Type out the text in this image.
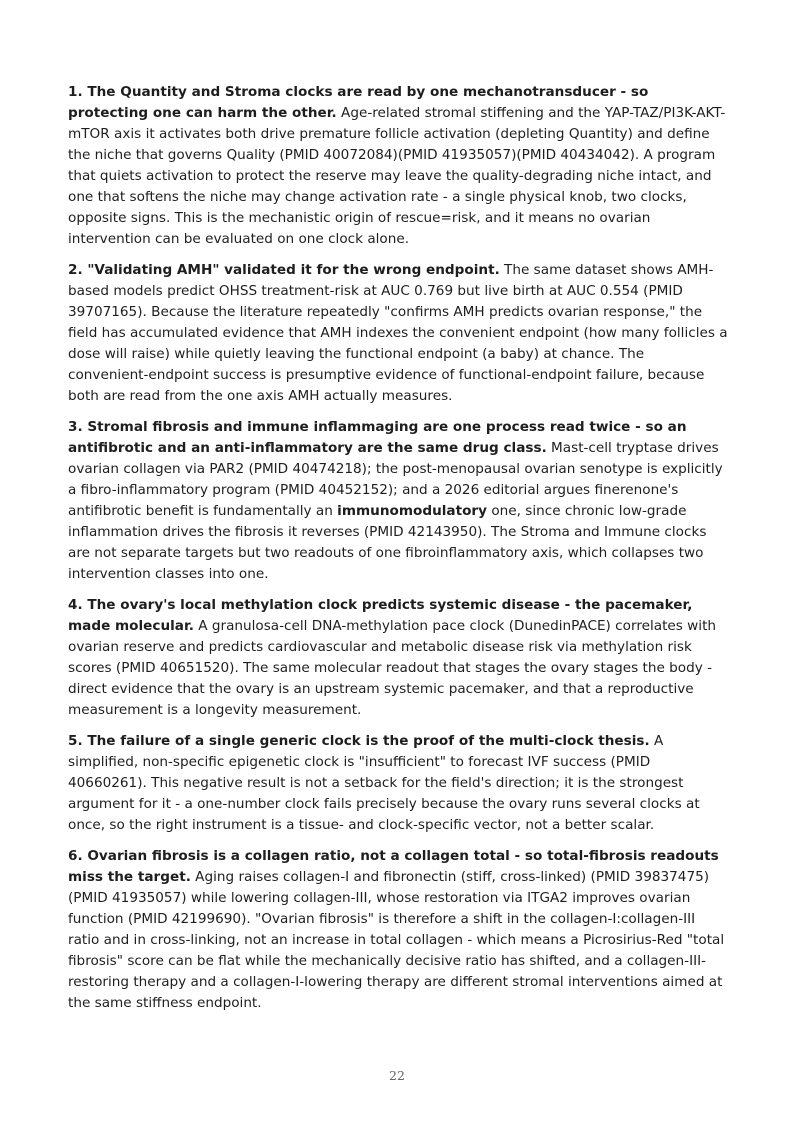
1. The Quantity and Stroma clocks are read by one mechanotransducer - so protecting one can harm the other. Age-related stromal stiffening and the YAP-TAZ/PI3K-AKT-mTOR axis it activates both drive premature follicle activation (depleting Quantity) and define the niche that governs Quality (PMID 40072084)(PMID 41935057)(PMID 40434042). A program that quiets activation to protect the reserve may leave the quality-degrading niche intact, and one that softens the niche may change activation rate - a single physical knob, two clocks, opposite signs. This is the mechanistic origin of rescue=risk, and it means no ovarian intervention can be evaluated on one clock alone.

2. "Validating AMH" validated it for the wrong endpoint. The same dataset shows AMH-based models predict OHSS treatment-risk at AUC 0.769 but live birth at AUC 0.554 (PMID 39707165). Because the literature repeatedly "confirms AMH predicts ovarian response," the field has accumulated evidence that AMH indexes the convenient endpoint (how many follicles a dose will raise) while quietly leaving the functional endpoint (a baby) at chance. The convenient-endpoint success is presumptive evidence of functional-endpoint failure, because both are read from the one axis AMH actually measures.

3. Stromal fibrosis and immune inflammaging are one process read twice - so an antifibrotic and an anti-inflammatory are the same drug class. Mast-cell tryptase drives ovarian collagen via PAR2 (PMID 40474218); the post-menopausal ovarian senotype is explicitly a fibro-inflammatory program (PMID 40452152); and a 2026 editorial argues finerenone's antifibrotic benefit is fundamentally an immunomodulatory one, since chronic low-grade inflammation drives the fibrosis it reverses (PMID 42143950). The Stroma and Immune clocks are not separate targets but two readouts of one fibroinflammatory axis, which collapses two intervention classes into one.

4. The ovary's local methylation clock predicts systemic disease - the pacemaker, made molecular. A granulosa-cell DNA-methylation pace clock (DunedinPACE) correlates with ovarian reserve and predicts cardiovascular and metabolic disease risk via methylation risk scores (PMID 40651520). The same molecular readout that stages the ovary stages the body - direct evidence that the ovary is an upstream systemic pacemaker, and that a reproductive measurement is a longevity measurement.

5. The failure of a single generic clock is the proof of the multi-clock thesis. A simplified, non-specific epigenetic clock is "insufficient" to forecast IVF success (PMID 40660261). This negative result is not a setback for the field's direction; it is the strongest argument for it - a one-number clock fails precisely because the ovary runs several clocks at once, so the right instrument is a tissue- and clock-specific vector, not a better scalar.

6. Ovarian fibrosis is a collagen ratio, not a collagen total - so total-fibrosis readouts miss the target. Aging raises collagen-I and fibronectin (stiff, cross-linked) (PMID 39837475)(PMID 41935057) while lowering collagen-III, whose restoration via ITGA2 improves ovarian function (PMID 42199690). "Ovarian fibrosis" is therefore a shift in the collagen-I:collagen-III ratio and in cross-linking, not an increase in total collagen - which means a Picrosirius-Red "total fibrosis" score can be flat while the mechanically decisive ratio has shifted, and a collagen-III-restoring therapy and a collagen-I-lowering therapy are different stromal interventions aimed at the same stiffness endpoint.

22
